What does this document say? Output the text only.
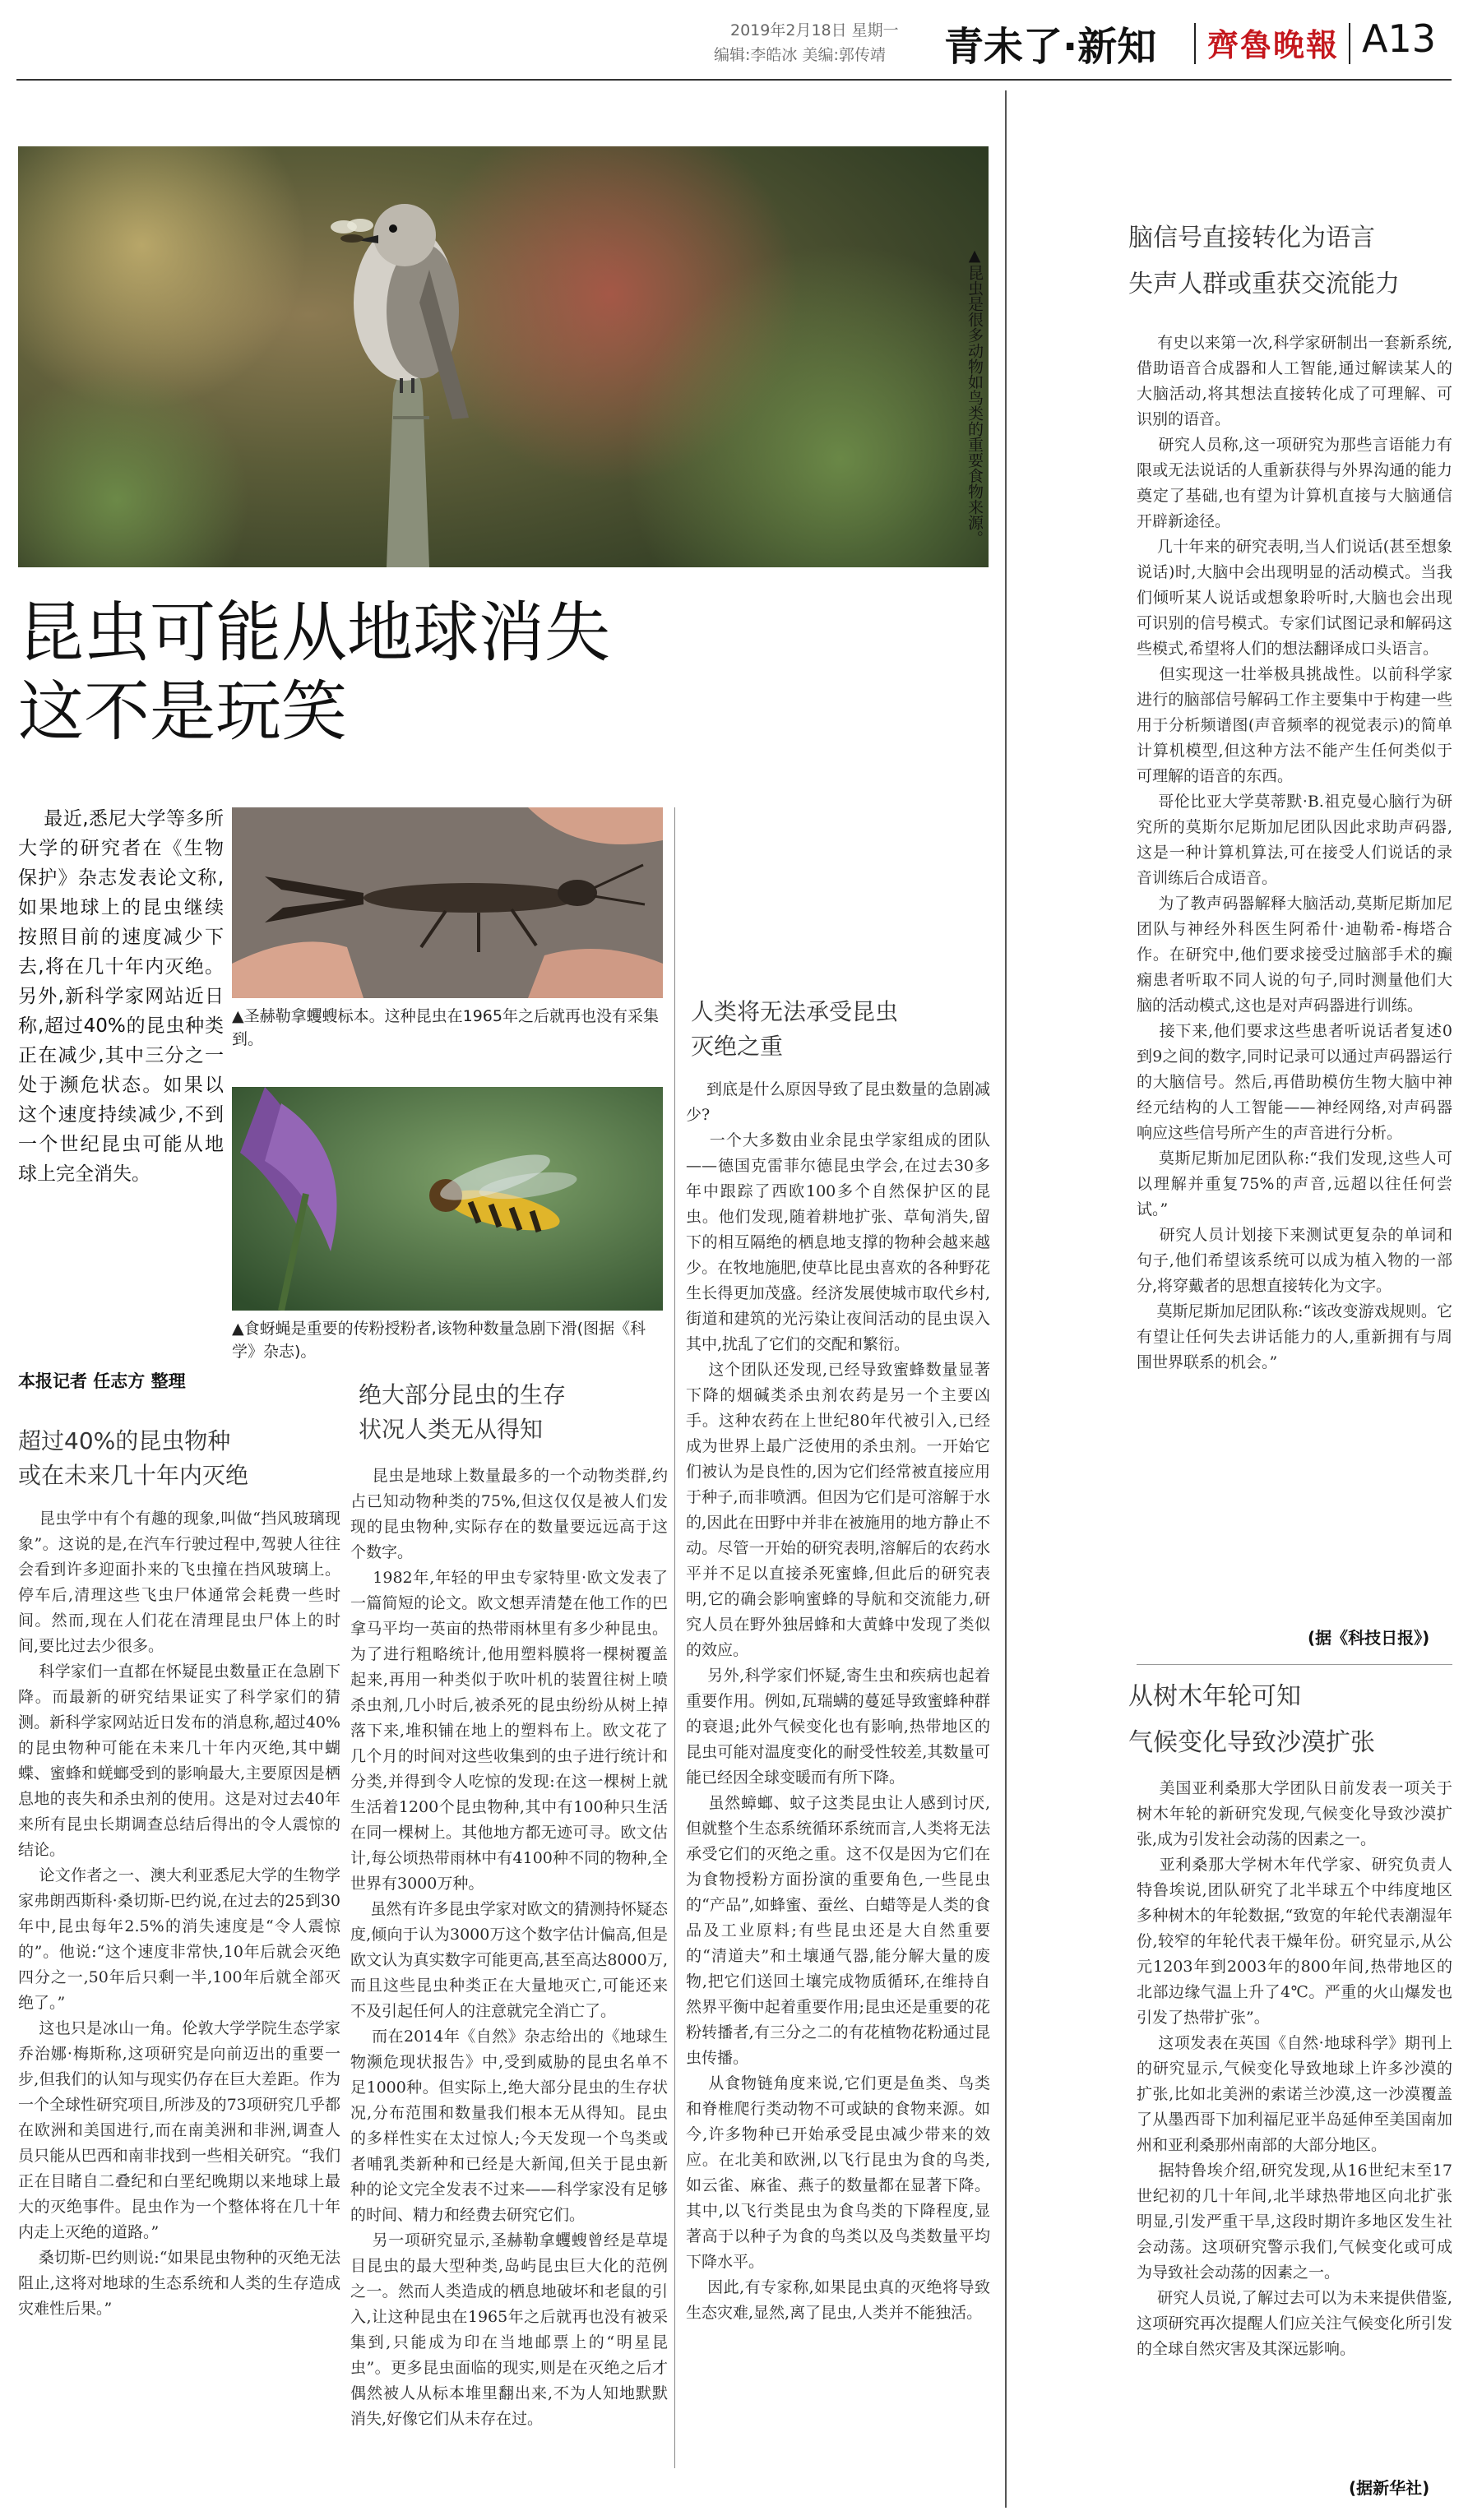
2019年2月18日 星期一
编辑:李皓冰 美编:郭传靖 青未了·新知 齊魯晚報 A13
▲昆虫是很多动物如鸟类的重要食物来源。
昆虫可能从地球消失
这不是玩笑
最近,悉尼大学等多所大学的研究者在《生物保护》杂志发表论文称,如果地球上的昆虫继续按照目前的速度减少下去,将在几十年内灭绝。另外,新科学家网站近日称,超过40%的昆虫种类正在减少,其中三分之一处于濒危状态。如果以这个速度持续减少,不到一个世纪昆虫可能从地球上完全消失。
▲圣赫勒拿蠼螋标本。这种昆虫在1965年之后就再也没有采集到。
▲食蚜蝇是重要的传粉授粉者,该物种数量急剧下滑(图据《科学》杂志)。
本报记者 任志方 整理
超过40%的昆虫物种
或在未来几十年内灭绝
昆虫学中有个有趣的现象,叫做“挡风玻璃现象”。这说的是,在汽车行驶过程中,驾驶人往往会看到许多迎面扑来的飞虫撞在挡风玻璃上。停车后,清理这些飞虫尸体通常会耗费一些时间。然而,现在人们花在清理昆虫尸体上的时间,要比过去少很多。
科学家们一直都在怀疑昆虫数量正在急剧下降。而最新的研究结果证实了科学家们的猜测。新科学家网站近日发布的消息称,超过40%的昆虫物种可能在未来几十年内灭绝,其中蝴蝶、蜜蜂和蜣螂受到的影响最大,主要原因是栖息地的丧失和杀虫剂的使用。这是对过去40年来所有昆虫长期调查总结后得出的令人震惊的结论。
论文作者之一、澳大利亚悉尼大学的生物学家弗朗西斯科·桑切斯-巴约说,在过去的25到30年中,昆虫每年2.5%的消失速度是“令人震惊的”。他说:“这个速度非常快,10年后就会灭绝四分之一,50年后只剩一半,100年后就全部灭绝了。”
这也只是冰山一角。伦敦大学学院生态学家乔治娜·梅斯称,这项研究是向前迈出的重要一步,但我们的认知与现实仍存在巨大差距。作为一个全球性研究项目,所涉及的73项研究几乎都在欧洲和美国进行,而在南美洲和非洲,调查人员只能从巴西和南非找到一些相关研究。“我们正在目睹自二叠纪和白垩纪晚期以来地球上最大的灭绝事件。昆虫作为一个整体将在几十年内走上灭绝的道路。”
桑切斯-巴约则说:“如果昆虫物种的灭绝无法阻止,这将对地球的生态系统和人类的生存造成灾难性后果。”
绝大部分昆虫的生存
状况人类无从得知
昆虫是地球上数量最多的一个动物类群,约占已知动物种类的75%,但这仅仅是被人们发现的昆虫物种,实际存在的数量要远远高于这个数字。
1982年,年轻的甲虫专家特里·欧文发表了一篇简短的论文。欧文想弄清楚在他工作的巴拿马平均一英亩的热带雨林里有多少种昆虫。为了进行粗略统计,他用塑料膜将一棵树覆盖起来,再用一种类似于吹叶机的装置往树上喷杀虫剂,几小时后,被杀死的昆虫纷纷从树上掉落下来,堆积铺在地上的塑料布上。欧文花了几个月的时间对这些收集到的虫子进行统计和分类,并得到令人吃惊的发现:在这一棵树上就生活着1200个昆虫物种,其中有100种只生活在同一棵树上。其他地方都无迹可寻。欧文估计,每公顷热带雨林中有4100种不同的物种,全世界有3000万种。
虽然有许多昆虫学家对欧文的猜测持怀疑态度,倾向于认为3000万这个数字估计偏高,但是欧文认为真实数字可能更高,甚至高达8000万,而且这些昆虫种类正在大量地灭亡,可能还来不及引起任何人的注意就完全消亡了。
而在2014年《自然》杂志给出的《地球生物濒危现状报告》中,受到威胁的昆虫名单不足1000种。但实际上,绝大部分昆虫的生存状况,分布范围和数量我们根本无从得知。昆虫的多样性实在太过惊人;今天发现一个鸟类或者哺乳类新种和已经是大新闻,但关于昆虫新种的论文完全发表不过来——科学家没有足够的时间、精力和经费去研究它们。
另一项研究显示,圣赫勒拿蠼螋曾经是草堤目昆虫的最大型种类,岛屿昆虫巨大化的范例之一。然而人类造成的栖息地破坏和老鼠的引入,让这种昆虫在1965年之后就再也没有被采集到,只能成为印在当地邮票上的“明星昆虫”。更多昆虫面临的现实,则是在灭绝之后才偶然被人从标本堆里翻出来,不为人知地默默消失,好像它们从未存在过。
人类将无法承受昆虫
灭绝之重
到底是什么原因导致了昆虫数量的急剧减少?
一个大多数由业余昆虫学家组成的团队——德国克雷菲尔德昆虫学会,在过去30多年中跟踪了西欧100多个自然保护区的昆虫。他们发现,随着耕地扩张、草甸消失,留下的相互隔绝的栖息地支撑的物种会越来越少。在牧地施肥,使草比昆虫喜欢的各种野花生长得更加茂盛。经济发展使城市取代乡村,街道和建筑的光污染让夜间活动的昆虫误入其中,扰乱了它们的交配和繁衍。
这个团队还发现,已经导致蜜蜂数量显著下降的烟碱类杀虫剂农药是另一个主要凶手。这种农药在上世纪80年代被引入,已经成为世界上最广泛使用的杀虫剂。一开始它们被认为是良性的,因为它们经常被直接应用于种子,而非喷洒。但因为它们是可溶解于水的,因此在田野中并非在被施用的地方静止不动。尽管一开始的研究表明,溶解后的农药水平并不足以直接杀死蜜蜂,但此后的研究表明,它的确会影响蜜蜂的导航和交流能力,研究人员在野外独居蜂和大黄蜂中发现了类似的效应。
另外,科学家们怀疑,寄生虫和疾病也起着重要作用。例如,瓦瑞螨的蔓延导致蜜蜂种群的衰退;此外气候变化也有影响,热带地区的昆虫可能对温度变化的耐受性较差,其数量可能已经因全球变暖而有所下降。
虽然蟑螂、蚊子这类昆虫让人感到讨厌,但就整个生态系统循环系统而言,人类将无法承受它们的灭绝之重。这不仅是因为它们在为食物授粉方面扮演的重要角色,一些昆虫的“产品”,如蜂蜜、蚕丝、白蜡等是人类的食品及工业原料;有些昆虫还是大自然重要的“清道夫”和土壤通气器,能分解大量的废物,把它们送回土壤完成物质循环,在维持自然界平衡中起着重要作用;昆虫还是重要的花粉转播者,有三分之二的有花植物花粉通过昆虫传播。
从食物链角度来说,它们更是鱼类、鸟类和脊椎爬行类动物不可或缺的食物来源。如今,许多物种已开始承受昆虫减少带来的效应。在北美和欧洲,以飞行昆虫为食的鸟类,如云雀、麻雀、燕子的数量都在显著下降。其中,以飞行类昆虫为食鸟类的下降程度,显著高于以种子为食的鸟类以及鸟类数量平均下降水平。
因此,有专家称,如果昆虫真的灭绝将导致生态灾难,显然,离了昆虫,人类并不能独活。
脑信号直接转化为语言
失声人群或重获交流能力
有史以来第一次,科学家研制出一套新系统,借助语音合成器和人工智能,通过解读某人的大脑活动,将其想法直接转化成了可理解、可识别的语音。
研究人员称,这一项研究为那些言语能力有限或无法说话的人重新获得与外界沟通的能力奠定了基础,也有望为计算机直接与大脑通信开辟新途径。
几十年来的研究表明,当人们说话(甚至想象说话)时,大脑中会出现明显的活动模式。当我们倾听某人说话或想象聆听时,大脑也会出现可识别的信号模式。专家们试图记录和解码这些模式,希望将人们的想法翻译成口头语言。
但实现这一壮举极具挑战性。以前科学家进行的脑部信号解码工作主要集中于构建一些用于分析频谱图(声音频率的视觉表示)的简单计算机模型,但这种方法不能产生任何类似于可理解的语音的东西。
哥伦比亚大学莫蒂默·B.祖克曼心脑行为研究所的莫斯尔尼斯加尼团队因此求助声码器,这是一种计算机算法,可在接受人们说话的录音训练后合成语音。
为了教声码器解释大脑活动,莫斯尼斯加尼团队与神经外科医生阿希什·迪勒希-梅塔合作。在研究中,他们要求接受过脑部手术的癫痫患者听取不同人说的句子,同时测量他们大脑的活动模式,这也是对声码器进行训练。
接下来,他们要求这些患者听说话者复述0到9之间的数字,同时记录可以通过声码器运行的大脑信号。然后,再借助模仿生物大脑中神经元结构的人工智能——神经网络,对声码器响应这些信号所产生的声音进行分析。
莫斯尼斯加尼团队称:“我们发现,这些人可以理解并重复75%的声音,远超以往任何尝试。”
研究人员计划接下来测试更复杂的单词和句子,他们希望该系统可以成为植入物的一部分,将穿戴者的思想直接转化为文字。
莫斯尼斯加尼团队称:“该改变游戏规则。它有望让任何失去讲话能力的人,重新拥有与周围世界联系的机会。”
(据《科技日报》)
从树木年轮可知
气候变化导致沙漠扩张
美国亚利桑那大学团队日前发表一项关于树木年轮的新研究发现,气候变化导致沙漠扩张,成为引发社会动荡的因素之一。
亚利桑那大学树木年代学家、研究负责人特鲁埃说,团队研究了北半球五个中纬度地区多种树木的年轮数据,“致宽的年轮代表潮湿年份,较窄的年轮代表干燥年份。研究显示,从公元1203年到2003年的800年间,热带地区的北部边缘气温上升了4℃。严重的火山爆发也引发了热带扩张”。
这项发表在英国《自然·地球科学》期刊上的研究显示,气候变化导致地球上许多沙漠的扩张,比如北美洲的索诺兰沙漠,这一沙漠覆盖了从墨西哥下加利福尼亚半岛延伸至美国南加州和亚利桑那州南部的大部分地区。
据特鲁埃介绍,研究发现,从16世纪末至17世纪初的几十年间,北半球热带地区向北扩张明显,引发严重干旱,这段时期许多地区发生社会动荡。这项研究警示我们,气候变化或可成为导致社会动荡的因素之一。
研究人员说,了解过去可以为未来提供借鉴,这项研究再次提醒人们应关注气候变化所引发的全球自然灾害及其深远影响。
(据新华社)
